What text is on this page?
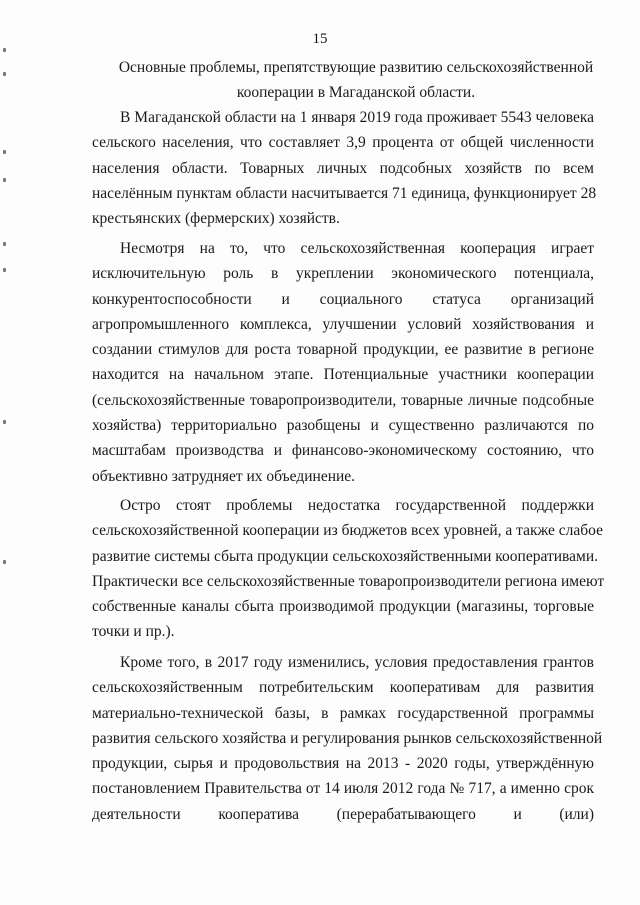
15
Основные проблемы, препятствующие развитию сельскохозяйственной
кооперации в Магаданской области.
В Магаданской области на 1 января 2019 года проживает 5543 человека
сельского населения, что составляет 3,9 процента от общей численности
населения области. Товарных личных подсобных хозяйств по всем
населённым пунктам области насчитывается 71 единица, функционирует 28
крестьянских (фермерских) хозяйств.
Несмотря на то, что сельскохозяйственная кооперация играет
исключительную роль в укреплении экономического потенциала,
конкурентоспособности и социального статуса организаций
агропромышленного комплекса, улучшении условий хозяйствования и
создании стимулов для роста товарной продукции, ее развитие в регионе
находится на начальном этапе. Потенциальные участники кооперации
(сельскохозяйственные товаропроизводители, товарные личные подсобные
хозяйства) территориально разобщены и существенно различаются по
масштабам производства и финансово-экономическому состоянию, что
объективно затрудняет их объединение.
Остро стоят проблемы недостатка государственной поддержки
сельскохозяйственной кооперации из бюджетов всех уровней, а также слабое
развитие системы сбыта продукции сельскохозяйственными кооперативами.
Практически все сельскохозяйственные товаропроизводители региона имеют
собственные каналы сбыта производимой продукции (магазины, торговые
точки и пр.).
Кроме того, в 2017 году изменились, условия предоставления грантов
сельскохозяйственным потребительским кооперативам для развития
материально-технической базы, в рамках государственной программы
развития сельского хозяйства и регулирования рынков сельскохозяйственной
продукции, сырья и продовольствия на 2013 - 2020 годы, утверждённую
постановлением Правительства от 14 июля 2012 года № 717, а именно срок
деятельности кооператива (перерабатывающего и (или)
